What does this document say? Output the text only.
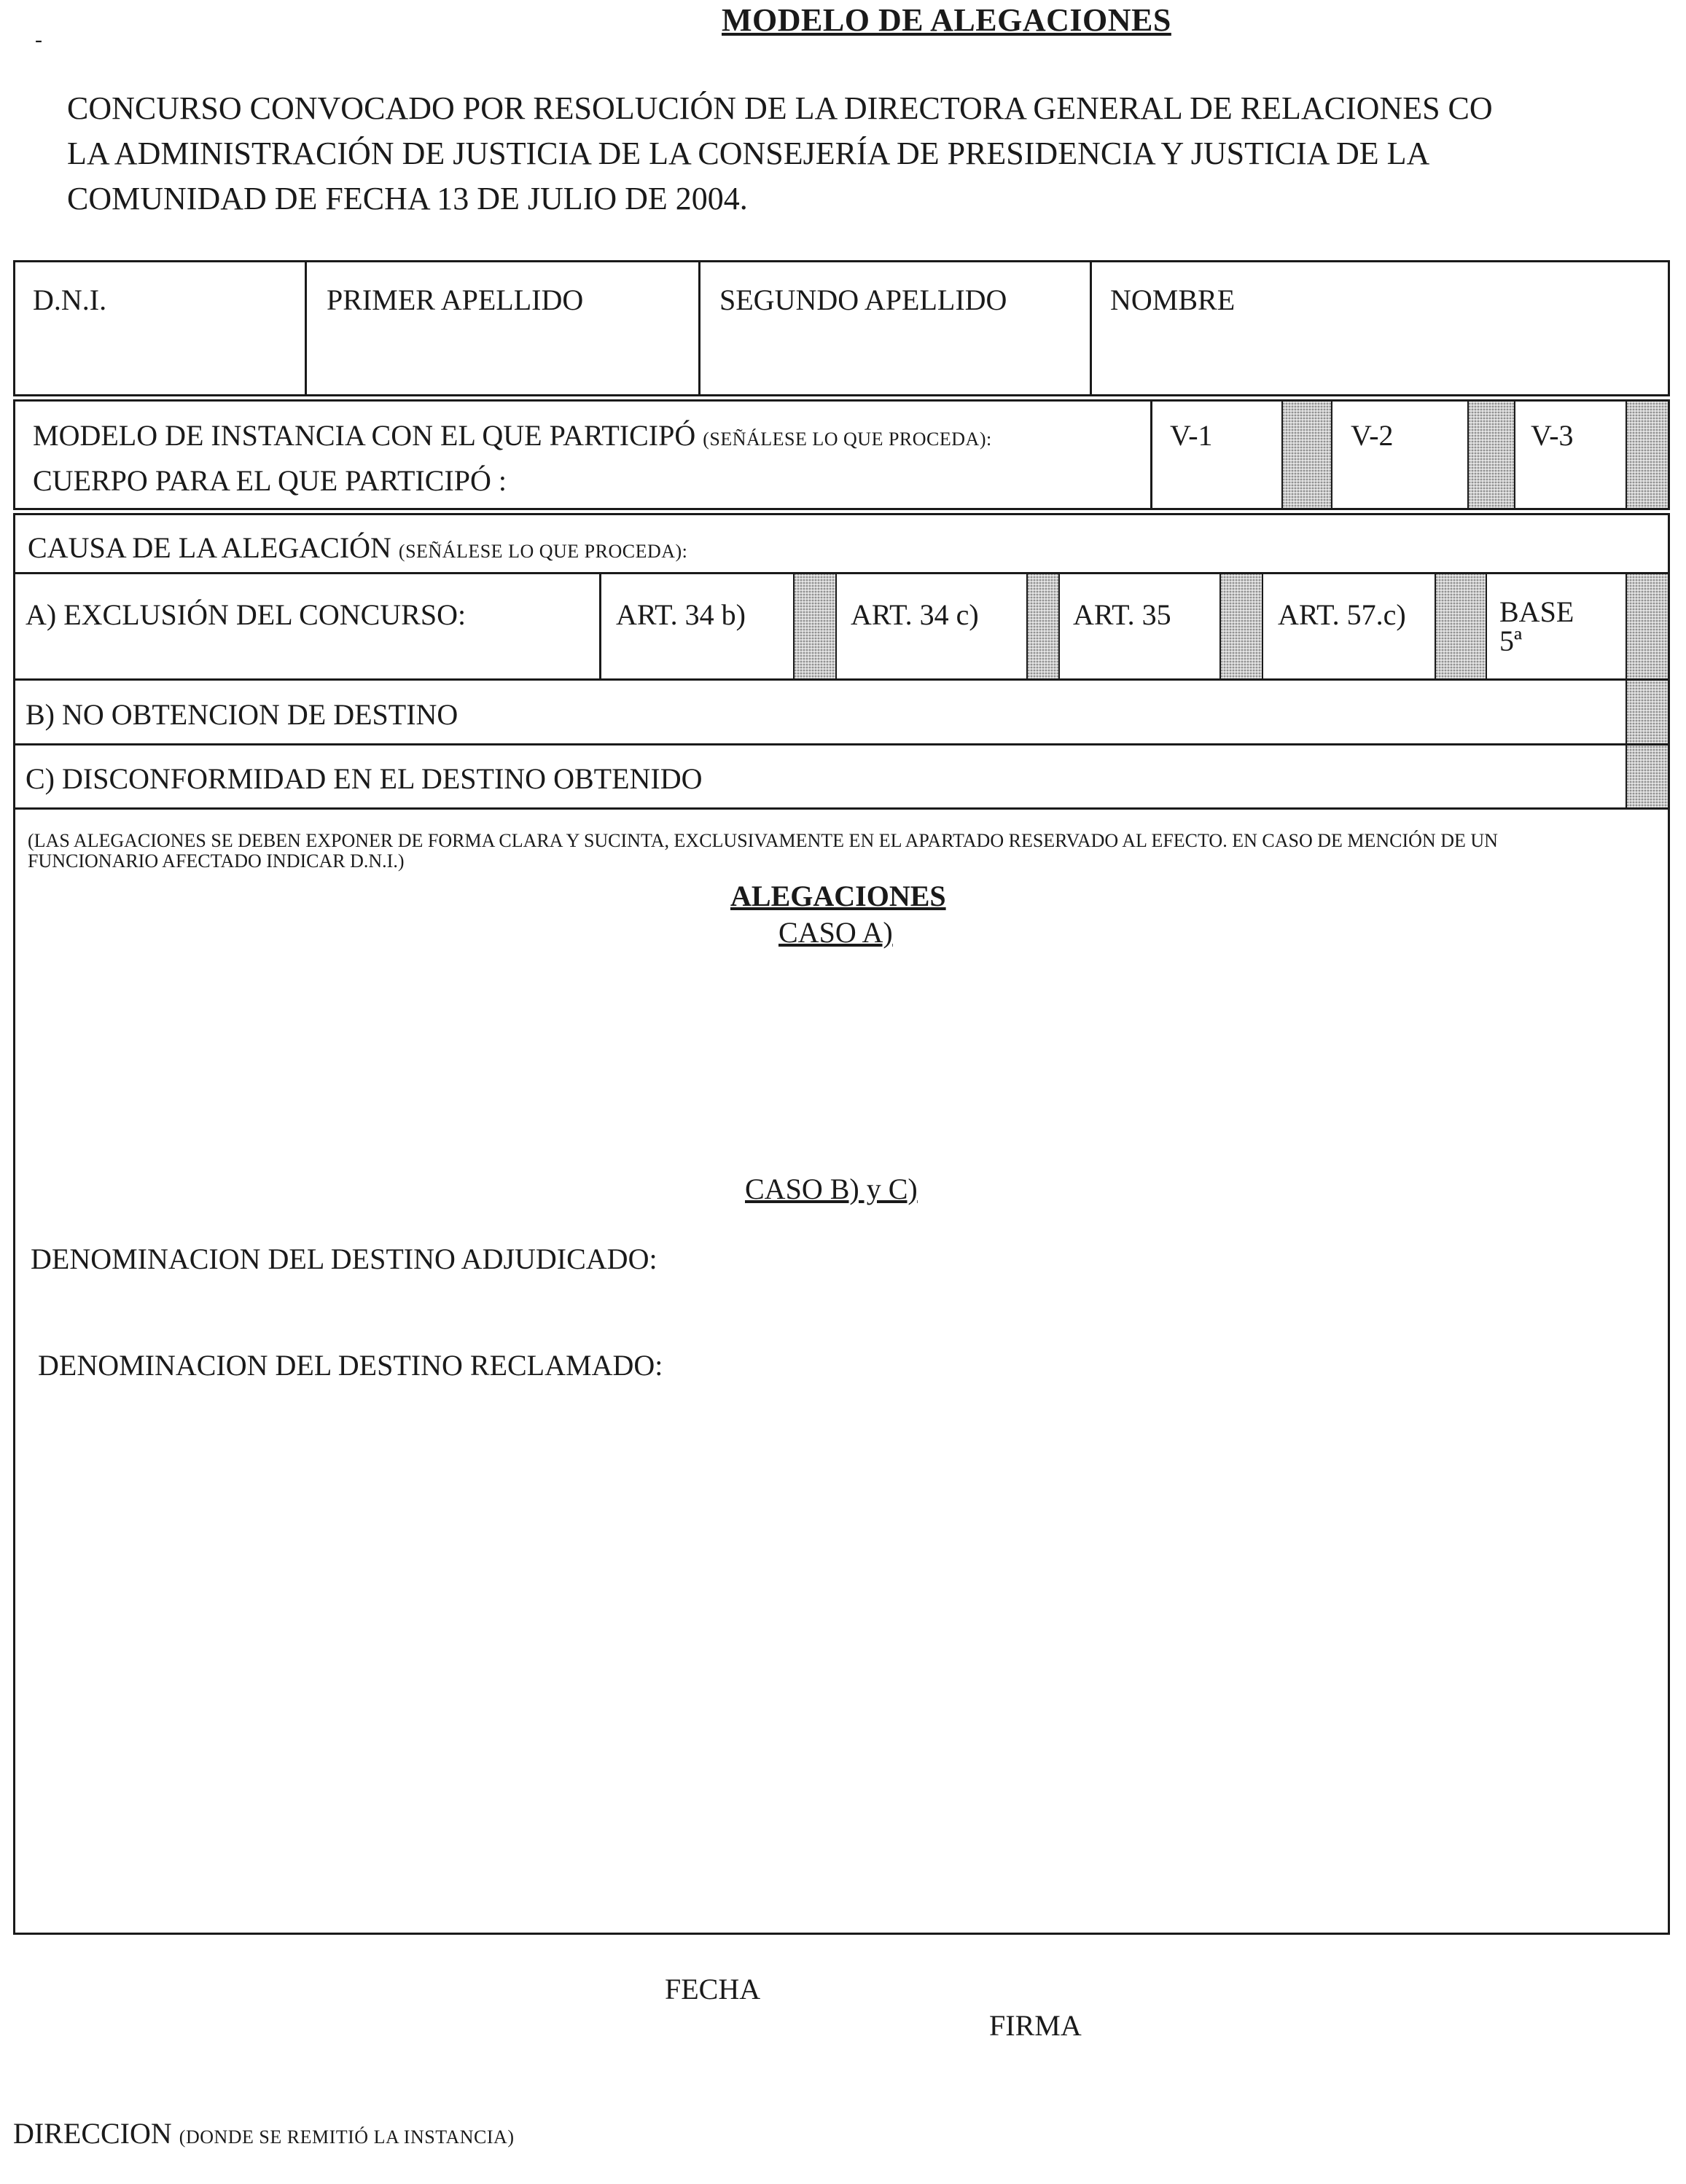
MODELO DE ALEGACIONES
-
CONCURSO CONVOCADO POR RESOLUCIÓN DE LA DIRECTORA GENERAL DE RELACIONES CO
LA ADMINISTRACIÓN DE JUSTICIA DE LA CONSEJERÍA DE PRESIDENCIA Y JUSTICIA DE LA
COMUNIDAD DE FECHA 13 DE JULIO DE 2004.
D.N.I.	PRIMER APELLIDO	SEGUNDO APELLIDO	NOMBRE
MODELO DE INSTANCIA CON EL QUE PARTICIPÓ (SEÑÁLESE LO QUE PROCEDA):
CUERPO PARA EL QUE PARTICIPÓ :
V-1	V-2	V-3
CAUSA DE LA ALEGACIÓN (SEÑÁLESE LO QUE PROCEDA):
A) EXCLUSIÓN DEL CONCURSO:	ART. 34 b)	ART. 34 c)	ART. 35	ART. 57.c)	BASE
5ª
B) NO OBTENCION DE DESTINO
C) DISCONFORMIDAD EN EL DESTINO OBTENIDO
(LAS ALEGACIONES SE DEBEN EXPONER DE FORMA CLARA Y SUCINTA, EXCLUSIVAMENTE EN EL APARTADO RESERVADO AL EFECTO. EN CASO DE MENCIÓN DE UN FUNCIONARIO AFECTADO INDICAR D.N.I.)
ALEGACIONES
CASO A)
CASO B) y C)
DENOMINACION DEL DESTINO ADJUDICADO:
DENOMINACION DEL DESTINO RECLAMADO:
FECHA
FIRMA
DIRECCION (DONDE SE REMITIÓ LA INSTANCIA)
